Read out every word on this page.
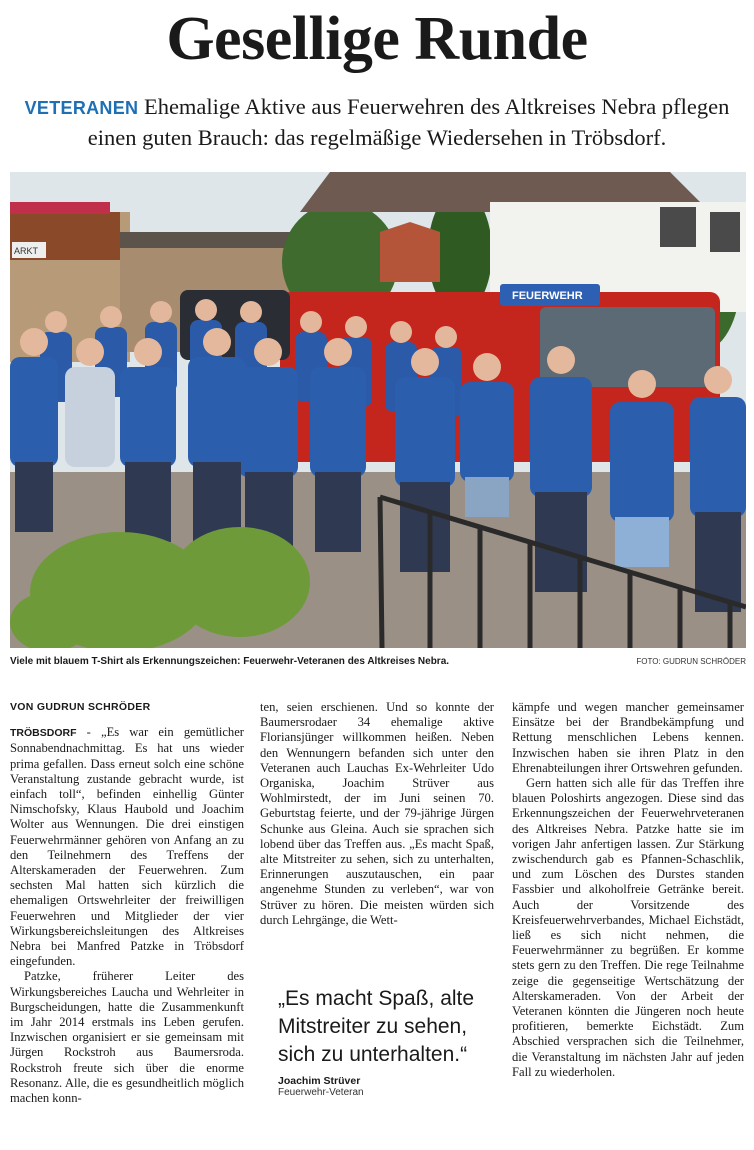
Gesellige Runde
VETERANEN Ehemalige Aktive aus Feuerwehren des Altkreises Nebra pflegen einen guten Brauch: das regelmäßige Wiedersehen in Tröbsdorf.
ARKT
FEUERWEHR
Viele mit blauem T-Shirt als Erkennungszeichen: Feuerwehr-Veteranen des Altkreises Nebra.	FOTO: GUDRUN SCHRÖDER
VON GUDRUN SCHRÖDER

TRÖBSDORF - „Es war ein gemütlicher Sonnabendnachmittag. Es hat uns wieder prima gefallen. Dass erneut solch eine schöne Veranstaltung zustande gebracht wurde, ist einfach toll“, befinden einhellig Günter Nimschofsky, Klaus Haubold und Joachim Wolter aus Wennungen. Die drei einstigen Feuerwehrmänner gehören von Anfang an zu den Teilnehmern des Treffens der Alterskameraden der Feuerwehren. Zum sechsten Mal hatten sich kürzlich die ehemaligen Ortswehrleiter der freiwilligen Feuerwehren und Mitglieder der vier Wirkungsbereichsleitungen des Altkreises Nebra bei Manfred Patzke in Tröbsdorf eingefunden.

Patzke, früherer Leiter des Wirkungsbereiches Laucha und Wehrleiter in Burgscheidungen, hatte die Zusammenkunft im Jahr 2014 erstmals ins Leben gerufen. Inzwischen organisiert er sie gemeinsam mit Jürgen Rockstroh aus Baumersroda. Rockstroh freute sich über die enorme Resonanz. Alle, die es gesundheitlich möglich machen konn-

ten, seien erschienen. Und so konnte der Baumersrodaer 34 ehemalige aktive Floriansjünger willkommen heißen. Neben den Wennungern befanden sich unter den Veteranen auch Lauchas Ex-Wehrleiter Udo Organiska, Joachim Strüver aus Wohlmirstedt, der im Juni seinen 70. Geburtstag feierte, und der 79-jährige Jürgen Schunke aus Gleina. Auch sie sprachen sich lobend über das Treffen aus. „Es macht Spaß, alte Mitstreiter zu sehen, sich zu unterhalten, Erinnerungen auszutauschen, ein paar angenehme Stunden zu verleben“, war von Strüver zu hören. Die meisten würden sich durch Lehrgänge, die Wett-

„Es macht Spaß, alte Mitstreiter zu sehen, sich zu unterhalten.“

Joachim Strüver
Feuerwehr-Veteran

kämpfe und wegen mancher gemeinsamer Einsätze bei der Brandbekämpfung und Rettung menschlichen Lebens kennen. Inzwischen haben sie ihren Platz in den Ehrenabteilungen ihrer Ortswehren gefunden.

Gern hatten sich alle für das Treffen ihre blauen Poloshirts angezogen. Diese sind das Erkennungszeichen der Feuerwehrveteranen des Altkreises Nebra. Patzke hatte sie im vorigen Jahr anfertigen lassen. Zur Stärkung zwischendurch gab es Pfannen-Schaschlik, und zum Löschen des Durstes standen Fassbier und alkoholfreie Getränke bereit. Auch der Vorsitzende des Kreisfeuerwehrverbandes, Michael Eichstädt, ließ es sich nicht nehmen, die Feuerwehrmänner zu begrüßen. Er komme stets gern zu den Treffen. Die rege Teilnahme zeige die gegenseitige Wertschätzung der Alterskameraden. Von der Arbeit der Veteranen könnten die Jüngeren noch heute profitieren, bemerkte Eichstädt. Zum Abschied versprachen sich die Teilnehmer, die Veranstaltung im nächsten Jahr auf jeden Fall zu wiederholen.
